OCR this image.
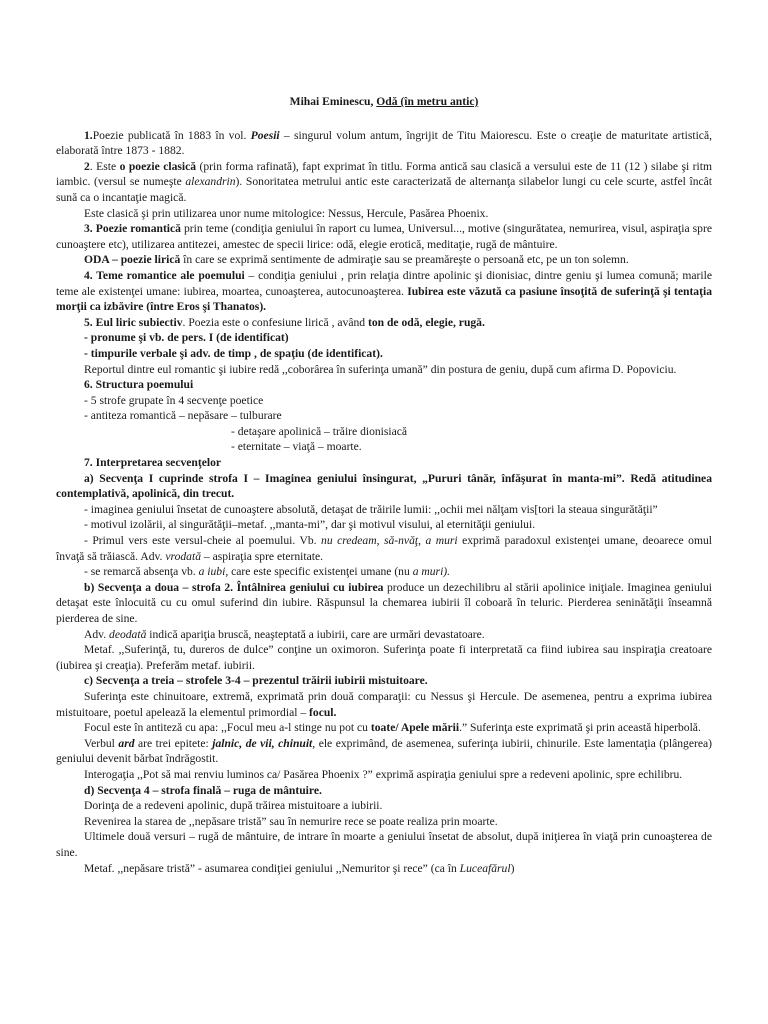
Mihai Eminescu, Odă (în metru antic)

1.Poezie publicată în 1883 în vol. Poesii – singurul volum antum, îngrijit de Titu Maiorescu. Este o creaţie de maturitate artistică, elaborată între 1873 - 1882.

2. Este o poezie clasică (prin forma rafinată), fapt exprimat în titlu. Forma antică sau clasică a versului este de 11 (12 ) silabe şi ritm iambic. (versul se numeşte alexandrin). Sonoritatea metrului antic este caracterizată de alternanţa silabelor lungi cu cele scurte, astfel încât sună ca o incantaţie magică.

Este clasică şi prin utilizarea unor nume mitologice: Nessus, Hercule, Pasărea Phoenix.

3. Poezie romantică prin teme (condiţia geniului în raport cu lumea, Universul..., motive (singurătatea, nemurirea, visul, aspiraţia spre cunoaştere etc), utilizarea antitezei, amestec de specii lirice: odă, elegie erotică, meditaţie, rugă de mântuire.

ODA – poezie lirică în care se exprimă sentimente de admiraţie sau se preamăreşte o persoană etc, pe un ton solemn.

4. Teme romantice ale poemului – condiţia geniului , prin relaţia dintre apolinic şi dionisiac, dintre geniu şi lumea comună; marile teme ale existenţei umane: iubirea, moartea, cunoaşterea, autocunoaşterea. Iubirea este văzută ca pasiune însoţită de suferinţă şi tentaţia morţii ca izbăvire (între Eros şi Thanatos).

5. Eul liric subiectiv. Poezia este o confesiune lirică , având ton de odă, elegie, rugă.

- pronume şi vb. de pers. I (de identificat)

- timpurile verbale şi adv. de timp , de spaţiu (de identificat).

Reportul dintre eul romantic şi iubire redă ,,coborârea în suferinţa umană” din postura de geniu, după cum afirma D. Popoviciu.

6. Structura poemului

- 5 strofe grupate în 4 secvenţe poetice

- antiteza romantică – nepăsare – tulburare

- detaşare apolinică – trăire dionisiacă

- eternitate – viaţă – moarte.

7. Interpretarea secvenţelor

a) Secvenţa I cuprinde strofa I – Imaginea geniului însingurat, „Pururi tânăr, înfăşurat în manta-mi”. Redă atitudinea contemplativă, apolinică, din trecut.

- imaginea geniului însetat de cunoaştere absolută, detaşat de trăirile lumii: ,,ochii mei nălţam vis[tori la steaua singurătăţii”

- motivul izolării, al singurătăţii–metaf. ,,manta-mi”, dar şi motivul visului, al eternităţii geniului.

- Primul vers este versul-cheie al poemului. Vb. nu credeam, să-nvăţ, a muri exprimă paradoxul existenţei umane, deoarece omul învaţă să trăiască. Adv. vrodată – aspiraţia spre eternitate.

- se remarcă absenţa vb. a iubi, care este specific existenţei umane (nu a muri).

b) Secvenţa a doua – strofa 2. Întâlnirea geniului cu iubirea produce un dezechilibru al stării apolinice iniţiale. Imaginea geniului detaşat este înlocuită cu cu omul suferind din iubire. Răspunsul la chemarea iubirii îl coboară în teluric. Pierderea seninătăţii înseamnă pierderea de sine.

Adv. deodată indică apariţia bruscă, neaşteptată a iubirii, care are urmări devastatoare.

Metaf. ,,Suferinţă, tu, dureros de dulce” conţine un oximoron. Suferinţa poate fi interpretată ca fiind iubirea sau inspiraţia creatoare (iubirea şi creaţia). Preferăm metaf. iubirii.

c) Secvenţa a treia – strofele 3-4 – prezentul trăirii iubirii mistuitoare.

Suferinţa este chinuitoare, extremă, exprimată prin două comparaţii: cu Nessus şi Hercule. De asemenea, pentru a exprima iubirea mistuitoare, poetul apelează la elementul primordial – focul.

Focul este în antiteză cu apa: ,,Focul meu a-l stinge nu pot cu toate/ Apele mării.” Suferinţa este exprimată şi prin această hiperbolă.

Verbul ard are trei epitete: jalnic, de vii, chinuit, ele exprimând, de asemenea, suferinţa iubirii, chinurile. Este lamentaţia (plângerea) geniului devenit bărbat îndrăgostit.

Interogaţia ,,Pot să mai renviu luminos ca/ Pasărea Phoenix ?” exprimă aspiraţia geniului spre a redeveni apolinic, spre echilibru.

d) Secvenţa 4 – strofa finală – ruga de mântuire.

Dorinţa de a redeveni apolinic, după trăirea mistuitoare a iubirii.

Revenirea la starea de ,,nepăsare tristă” sau în nemurire rece se poate realiza prin moarte.

Ultimele două versuri – rugă de mântuire, de intrare în moarte a geniului însetat de absolut, după iniţierea în viaţă prin cunoaşterea de sine.

Metaf. ,,nepăsare tristă” - asumarea condiţiei geniului ,,Nemuritor şi rece” (ca în Luceafărul)
